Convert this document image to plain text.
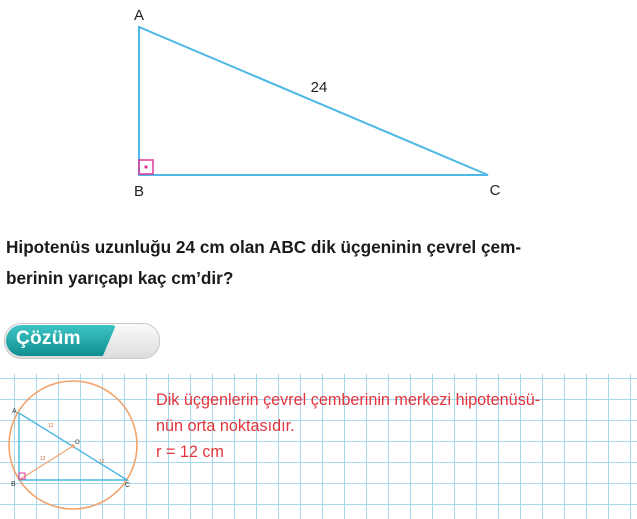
A
B	C
24
Hipotenüs uzunluğu 24 cm olan ABC dik üçgeninin çevrel çem-
berinin yarıçapı kaç cm’dir?
Çözüm
A
B	C
O
12
12
12
Dik üçgenlerin çevrel çemberinin merkezi hipotenüsü-
nün orta noktasıdır.
r = 12 cm
